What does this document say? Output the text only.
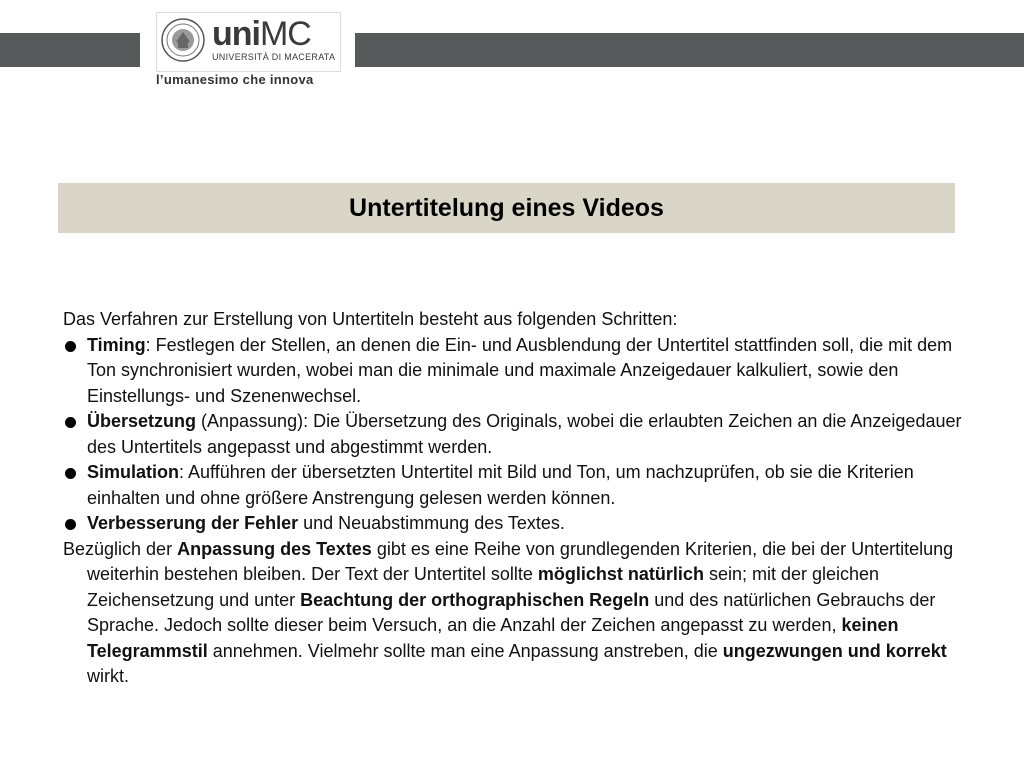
uniMC
UNIVERSITÀ DI MACERATA
l’umanesimo che innova
Untertitelung eines Videos

Das Verfahren zur Erstellung von Untertiteln besteht aus folgenden Schritten:

Timing: Festlegen der Stellen, an denen die Ein- und Ausblendung der Untertitel stattfinden soll, die mit dem Ton synchronisiert wurden, wobei man die minimale und maximale Anzeigedauer kalkuliert, sowie den Einstellungs- und Szenenwechsel.
Übersetzung (Anpassung): Die Übersetzung des Originals, wobei die erlaubten Zeichen an die Anzeigedauer des Untertitels angepasst und abgestimmt werden.
Simulation: Aufführen der übersetzten Untertitel mit Bild und Ton, um nachzuprüfen, ob sie die Kriterien einhalten und ohne größere Anstrengung gelesen werden können.
Verbesserung der Fehler und Neuabstimmung des Textes.

Bezüglich der Anpassung des Textes gibt es eine Reihe von grundlegenden Kriterien, die bei der Untertitelung weiterhin bestehen bleiben. Der Text der Untertitel sollte möglichst natürlich sein; mit der gleichen Zeichensetzung und unter Beachtung der orthographischen Regeln und des natürlichen Gebrauchs der Sprache. Jedoch sollte dieser beim Versuch, an die Anzahl der Zeichen angepasst zu werden, keinen Telegrammstil annehmen. Vielmehr sollte man eine Anpassung anstreben, die ungezwungen und korrekt wirkt.
